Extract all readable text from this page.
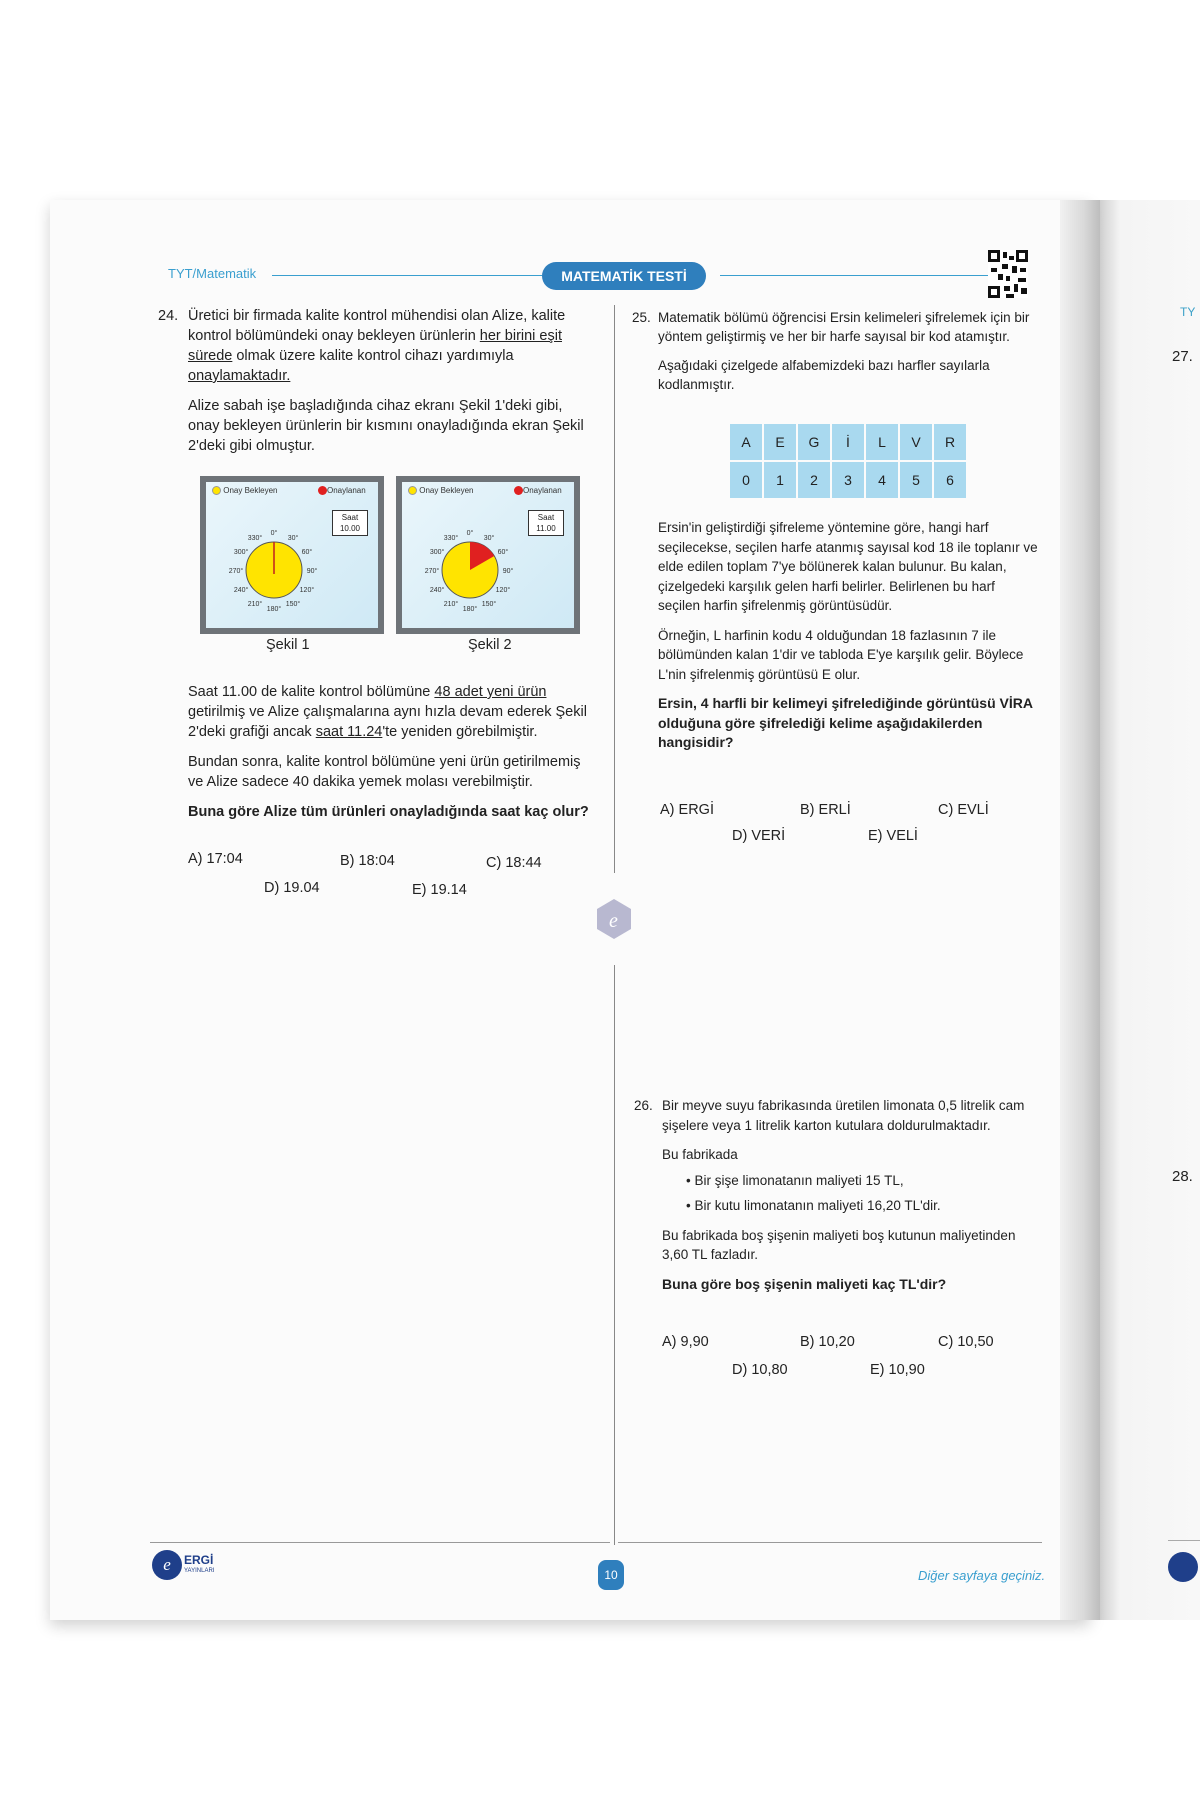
TY
27.
28.
TYT/Matematik	MATEMATİK TESTİ
e
24. Üretici bir firmada kalite kontrol mühendisi olan Alize, kalite kontrol bölümündeki onay bekleyen ürünlerin her birini eşit sürede olmak üzere kalite kontrol cihazı yardımıyla onaylamaktadır.

Alize sabah işe başladığında cihaz ekranı Şekil 1'deki gibi, onay bekleyen ürünlerin bir kısmını onayladığında ekran Şekil 2'deki gibi olmuştur.

Onay Bekleyen	Onaylanan
Saat
10.00
0°
30°
60°
90°
120°
150°
180°
210°
240°
270°
300°
330°
Şekil 1
Onay Bekleyen	Onaylanan
Saat
11.00
0°
30°
60°
90°
120°
150°
180°
210°
240°
270°
300°
330°
Şekil 2

Saat 11.00 de kalite kontrol bölümüne 48 adet yeni ürün getirilmiş ve Alize çalışmalarına aynı hızla devam ederek Şekil 2'deki grafiği ancak saat 11.24'te yeniden görebilmiştir.

Bundan sonra, kalite kontrol bölümüne yeni ürün getirilmemiş ve Alize sadece 40 dakika yemek molası verebilmiştir.

Buna göre Alize tüm ürünleri onayladığında saat kaç olur?

A) 17:04	B) 18:04	C) 18:44
D) 19.04	E) 19.14
25. Matematik bölümü öğrencisi Ersin kelimeleri şifrelemek için bir yöntem geliştirmiş ve her bir harfe sayısal bir kod atamıştır.

Aşağıdaki çizelgede alfabemizdeki bazı harfler sayılarla kodlanmıştır.

A	E	G	İ	L	V	R
0	1	2	3	4	5	6

Ersin'in geliştirdiği şifreleme yöntemine göre, hangi harf seçilecekse, seçilen harfe atanmış sayısal kod 18 ile toplanır ve elde edilen toplam 7'ye bölünerek kalan bulunur. Bu kalan, çizelgedeki karşılık gelen harfi belirler. Belirlenen bu harf seçilen harfin şifrelenmiş görüntüsüdür.

Örneğin, L harfinin kodu 4 olduğundan 18 fazlasının 7 ile bölümünden kalan 1'dir ve tabloda E'ye karşılık gelir. Böylece L'nin şifrelenmiş görüntüsü E olur.

Ersin, 4 harfli bir kelimeyi şifrelediğinde görüntüsü VİRA olduğuna göre şifrelediği kelime aşağıdakilerden hangisidir?

A) ERGİ	B) ERLİ	C) EVLİ
D) VERİ	E) VELİ
26. Bir meyve suyu fabrikasında üretilen limonata 0,5 litrelik cam şişelere veya 1 litrelik karton kutulara doldurulmaktadır.

Bu fabrikada

• Bir şişe limonatanın maliyeti 15 TL,

• Bir kutu limonatanın maliyeti 16,20 TL'dir.

Bu fabrikada boş şişenin maliyeti boş kutunun maliyetinden 3,60 TL fazladır.

Buna göre boş şişenin maliyeti kaç TL'dir?

A) 9,90	B) 10,20	C) 10,50
D) 10,80	E) 10,90
e	ERGİ
YAYINLARI	10	Diğer sayfaya geçiniz.
